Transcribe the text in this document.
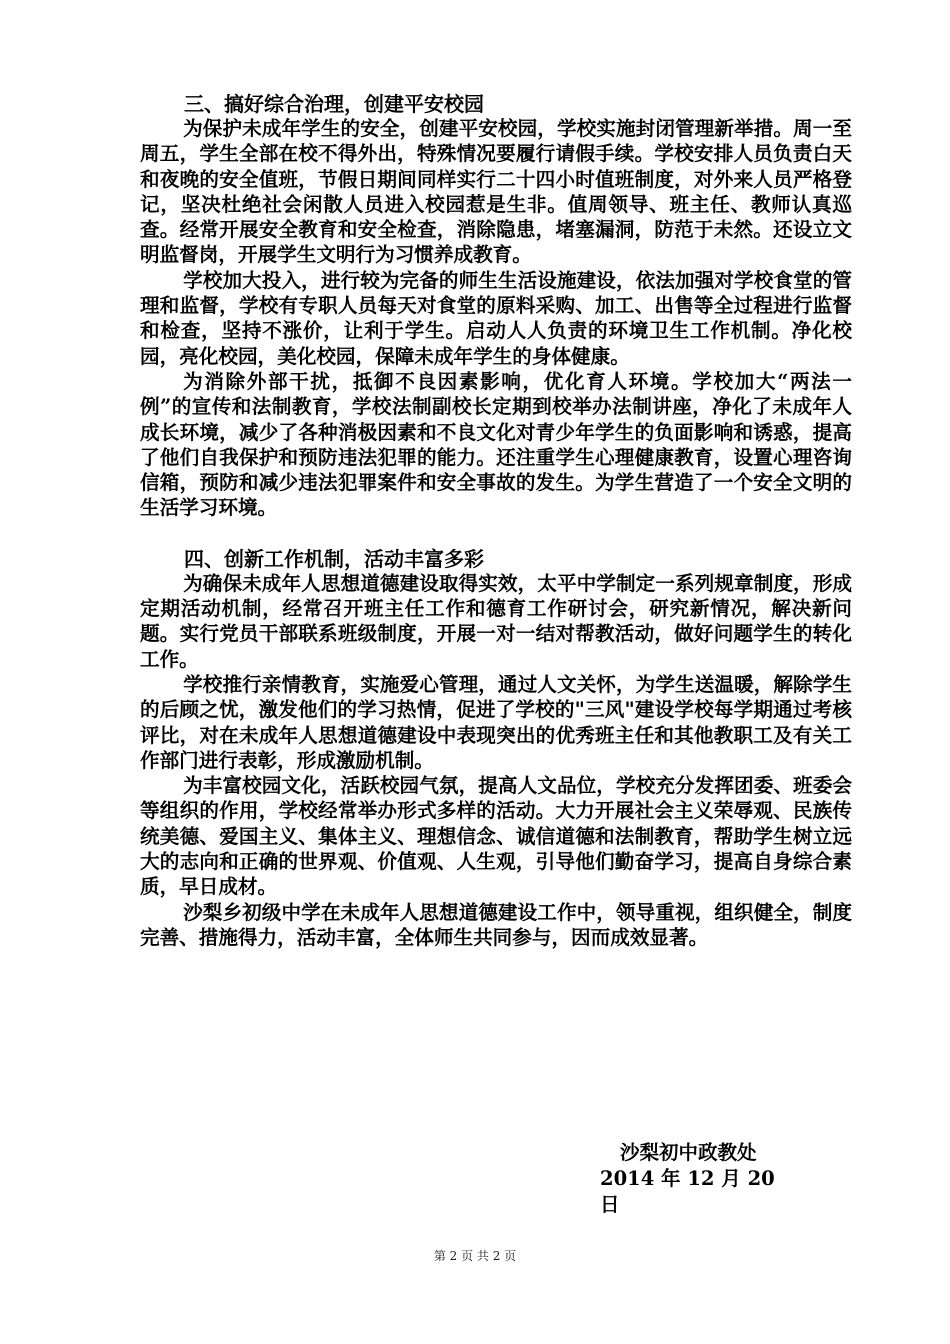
三、搞好综合治理，创建平安校园

为保护未成年学生的安全，创建平安校园，学校实施封闭管理新举措。周一至周五，学生全部在校不得外出，特殊情况要履行请假手续。学校安排人员负责白天和夜晚的安全值班，节假日期间同样实行二十四小时值班制度，对外来人员严格登记，坚决杜绝社会闲散人员进入校园惹是生非。值周领导、班主任、教师认真巡查。经常开展安全教育和安全检查，消除隐患，堵塞漏洞，防范于未然。还设立文明监督岗，开展学生文明行为习惯养成教育。

学校加大投入，进行较为完备的师生生活设施建设，依法加强对学校食堂的管理和监督，学校有专职人员每天对食堂的原料采购、加工、出售等全过程进行监督和检查，坚持不涨价，让利于学生。启动人人负责的环境卫生工作机制。净化校园，亮化校园，美化校园，保障未成年学生的身体健康。

为消除外部干扰，抵御不良因素影响，优化育人环境。学校加大“两法一例”的宣传和法制教育，学校法制副校长定期到校举办法制讲座，净化了未成年人成长环境，减少了各种消极因素和不良文化对青少年学生的负面影响和诱惑，提高了他们自我保护和预防违法犯罪的能力。还注重学生心理健康教育，设置心理咨询信箱，预防和减少违法犯罪案件和安全事故的发生。为学生营造了一个安全文明的生活学习环境。

四、创新工作机制，活动丰富多彩

为确保未成年人思想道德建设取得实效，太平中学制定一系列规章制度，形成定期活动机制，经常召开班主任工作和德育工作研讨会，研究新情况，解决新问题。实行党员干部联系班级制度，开展一对一结对帮教活动，做好问题学生的转化工作。

学校推行亲情教育，实施爱心管理，通过人文关怀，为学生送温暖，解除学生的后顾之忧，激发他们的学习热情，促进了学校的"三风"建设学校每学期通过考核评比，对在未成年人思想道德建设中表现突出的优秀班主任和其他教职工及有关工作部门进行表彰，形成激励机制。

为丰富校园文化，活跃校园气氛，提高人文品位，学校充分发挥团委、班委会等组织的作用，学校经常举办形式多样的活动。大力开展社会主义荣辱观、民族传统美德、爱国主义、集体主义、理想信念、诚信道德和法制教育，帮助学生树立远大的志向和正确的世界观、价值观、人生观，引导他们勤奋学习，提高自身综合素质，早日成材。

沙梨乡初级中学在未成年人思想道德建设工作中，领导重视，组织健全，制度完善、措施得力，活动丰富，全体师生共同参与，因而成效显著。

沙梨初中政教处
2014 年 12 月 20 日
第 2 页 共 2 页
